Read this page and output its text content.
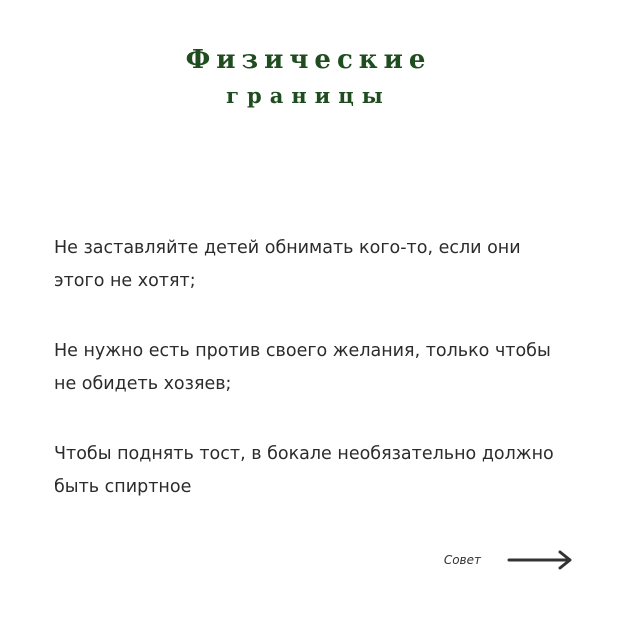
Физические
границы

Не заставляйте детей обнимать кого-то, если они этого не хотят;

Не нужно есть против своего желания, только чтобы не обидеть хозяев;

Чтобы поднять тост, в бокале необязательно должно быть спиртное

Совет
